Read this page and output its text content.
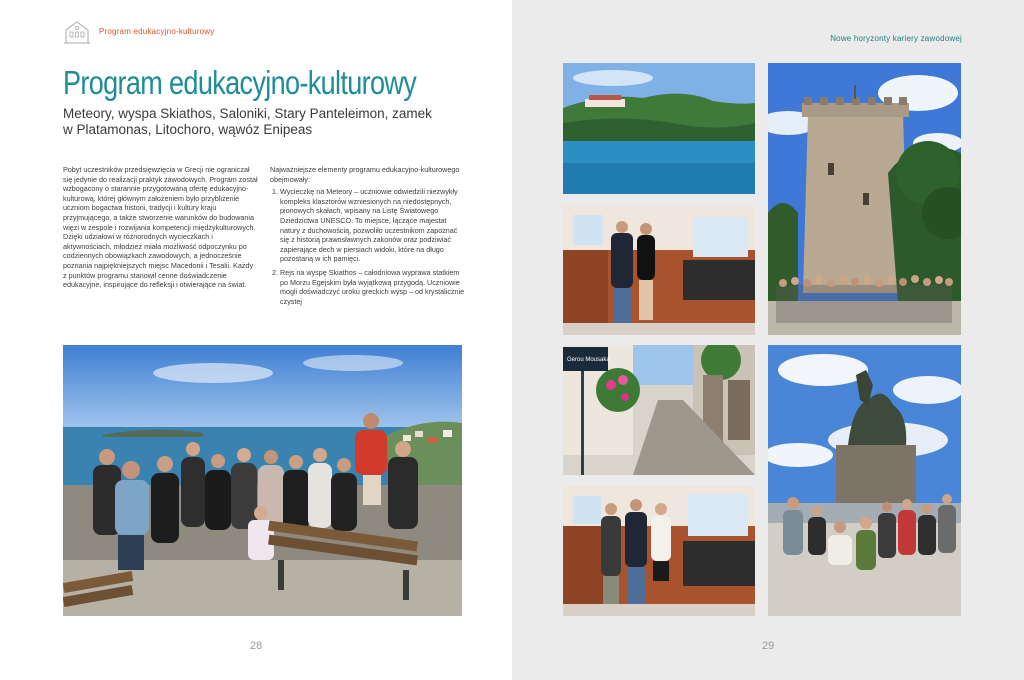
Program edukacyjno-kulturowy
Program edukacyjno-kulturowy
Meteory, wyspa Skiathos, Saloniki, Stary Panteleimon, zamek w Platamonas, Litochoro, wąwóz Enipeas

Pobyt uczestników przedsięwzięcia w Grecji nie ograniczał się jedynie do realizacji praktyk zawodowych. Program został wzbogacony o starannie przygotowaną ofertę edukacyjno-kulturową, której głównym założeniem było przybliżenie uczniom bogactwa historii, tradycji i kultury kraju przyjmującego, a także stworzenie warunków do budowania więzi w zespole i rozwijania kompetencji międzykulturowych. Dzięki udziałowi w różnorodnych wycieczkach i aktywnościach, młodzież miała możliwość odpoczynku po codziennych obowiązkach zawodowych, a jednocześnie poznania najpiękniejszych miejsc Macedonii i Tesalii. Każdy z punktów programu stanowił cenne doświadczenie edukacyjne, inspirujące do refleksji i otwierające na świat.

Najważniejsze elementy programu edukacyjno-kulturowego obejmowały:

1. Wycieczkę na Meteory – uczniowie odwiedzili niezwykły kompleks klasztorów wzniesionych na niedostępnych, pionowych skałach, wpisany na Listę Światowego Dziedzictwa UNESCO. To miejsce, łączące majestat natury z duchowością, pozwoliło uczestnikom zapoznać się z historią prawosławnych zakonów oraz podziwiać zapierające dech w piersiach widoki, które na długo pozostaną w ich pamięci.
2. Rejs na wyspę Skiathos – całodniowa wyprawa statkiem po Morzu Egejskim była wyjątkową przygodą. Uczniowie mogli doświadczyć uroku greckich wysp – od krystalicznie czystej
28
Nowe horyzonty kariery zawodowej
Gerou Mousaka
29
